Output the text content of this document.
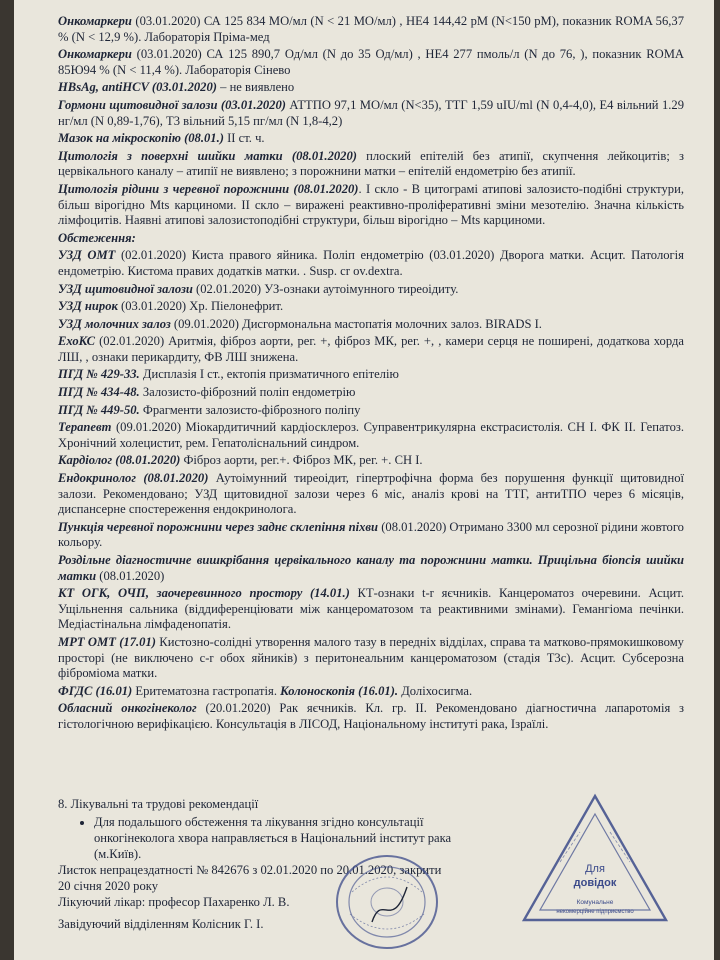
Онкомаркери (03.01.2020) СА 125 834 МО/мл (N < 21 МО/мл) , НЕ4 144,42 pM (N<150 pM), показник ROMA 56,37 % (N < 12,9 %). Лабораторія Пріма-мед

Онкомаркери (03.01.2020) СА 125 890,7 Од/мл (N до 35 Од/мл) , НЕ4 277 пмоль/л (N до 76, ), показник ROMA 85Ю94 % (N < 11,4 %). Лабораторія Сінево

HBsAg, antiHCV (03.01.2020) – не виявлено

Гормони щитовидної залози (03.01.2020) АТТПО 97,1 МО/мл (N<35), ТТГ 1,59 uIU/ml (N 0,4-4,0), Е4 вільний 1.29 нг/мл (N 0,89-1,76), Т3 вільний 5,15 пг/мл (N 1,8-4,2)

Мазок на мікроскопію (08.01.) ІІ ст. ч.

Цитологія з поверхні шийки матки (08.01.2020) плоский епітелій без атипії, скупчення лейкоцитів; з цервікального каналу – атипії не виявлено; з порожнини матки – епітелій ендометрію без атипії.

Цитологія рідини з черевної порожнини (08.01.2020). І скло - В цитограмі атипові залозисто-подібні структури, більш вірогідно Mts карциноми. ІІ скло – виражені реактивно-проліферативні зміни мезотелію. Значна кількість лімфоцитів. Наявні атипові залозистоподібні структури, більш вірогідно – Mts карциноми.

Обстеження:

УЗД ОМТ (02.01.2020) Киста правого яйника. Поліп ендометрію (03.01.2020) Дворога матки. Асцит. Патологія ендометрію. Кистома правих додатків матки. . Susp. cr ov.dextra.

УЗД щитовидної залози (02.01.2020) УЗ-ознаки аутоімунного тиреоідиту.

УЗД нирок (03.01.2020) Хр. Піелонефрит.

УЗД молочних залоз (09.01.2020) Дисгормональна мастопатія молочних залоз. BIRADS I.

ЕхоКС (02.01.2020) Аритмія, фіброз аорти, рег. +, фіброз МК, рег. +, , камери серця не поширені, додаткова хорда ЛШ, , ознаки перикардиту, ФВ ЛШ знижена.

ПГД № 429-33. Дисплазія І ст., ектопія призматичного епітелію

ПГД № 434-48. Залозисто-фіброзний поліп ендометрію

ПГД № 449-50. Фрагменти залозисто-фіброзного поліпу

Терапевт (09.01.2020) Міокардитичний кардіосклероз. Суправентрикулярна екстрасистолія. СН І. ФК ІІ. Гепатоз. Хронічний холецистит, рем. Гепатоліснальний синдром.

Кардіолог (08.01.2020) Фіброз аорти, рег.+. Фіброз МК, рег. +. СН І.

Ендокринолог (08.01.2020) Аутоімунний тиреоідит, гіпертрофічна форма без порушення функції щитовидної залози. Рекомендовано; УЗД щитовидної залози через 6 міс, аналіз крові на ТТГ, антиТПО через 6 місяців, диспансерне спостереження ендокринолога.

Пункція черевної порожнини через заднє склепіння піхви (08.01.2020) Отримано 3300 мл серозної рідини жовтого кольору.

Роздільне діагностичне вишкрібання цервікального каналу та порожнини матки. Прицільна біопсія шийки матки (08.01.2020)

КТ ОГК, ОЧП, заочеревинного простору (14.01.) КТ-ознаки t-r яєчників. Канцероматоз очеревини. Асцит. Ущільнення сальника (віддиференціювати між канцероматозом та реактивними змінами). Гемангіома печінки. Медіастінальна лімфаденопатія.

МРТ ОМТ (17.01) Кистозно-солідні утворення малого тазу в передніх відділах, справа та матково-прямокишковому просторі (не виключено c-r обох яйників) з перитонеальним канцероматозом (стадія Т3c). Асцит. Субсерозна фібромiома матки.

ФГДС (16.01) Еритематозна гастропатія. Колоноскопія (16.01). Доліхосигма.

Обласний онкогінеколог (20.01.2020) Рак яєчників. Кл. гр. ІІ. Рекомендовано діагностична лапаротомія з гістологічною верифікацією. Консультація в ЛІСОД, Національному інституті рака, Ізраїлі.

8. Лікувальні та трудові рекомендації
• Для подальшого обстеження та лікування згідно консультації онкогінеколога хвора направляється в Національний інститут рака (м.Київ).

Листок непрацездатності № 842676 з 02.01.2020 по 20.01.2020, закрити

20 січня 2020 року

Лікуючий лікар: професор Пахаренко Л. В.

Завідуючий відділенням Колісник Г. І.

Для
довідок
Комунальне
некомерційне підприємство
